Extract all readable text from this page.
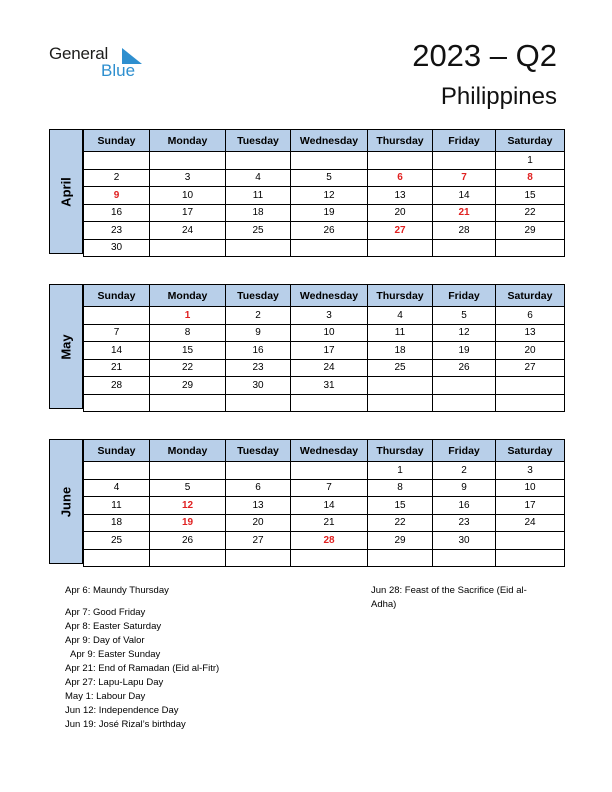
General
Blue	2023 – Q2
Philippines
April
Sunday	Monday	Tuesday	Wednesday	Thursday	Friday	Saturday
						1
2	3	4	5	6	7	8
9	10	11	12	13	14	15
16	17	18	19	20	21	22
23	24	25	26	27	28	29
30						
May
Sunday	Monday	Tuesday	Wednesday	Thursday	Friday	Saturday
	1	2	3	4	5	6
7	8	9	10	11	12	13
14	15	16	17	18	19	20
21	22	23	24	25	26	27
28	29	30	31			

June
Sunday	Monday	Tuesday	Wednesday	Thursday	Friday	Saturday
				1	2	3
4	5	6	7	8	9	10
11	12	13	14	15	16	17
18	19	20	21	22	23	24
25	26	27	28	29	30	

Apr 6: Maundy Thursday
Apr 7: Good Friday
Apr 8: Easter Saturday
Apr 9: Day of Valor
Apr 9: Easter Sunday
Apr 21: End of Ramadan (Eid al-Fitr)
Apr 27: Lapu-Lapu Day
May 1: Labour Day
Jun 12: Independence Day
Jun 19: José Rizal’s birthday
Jun 28: Feast of the Sacrifice (Eid al-Adha)
